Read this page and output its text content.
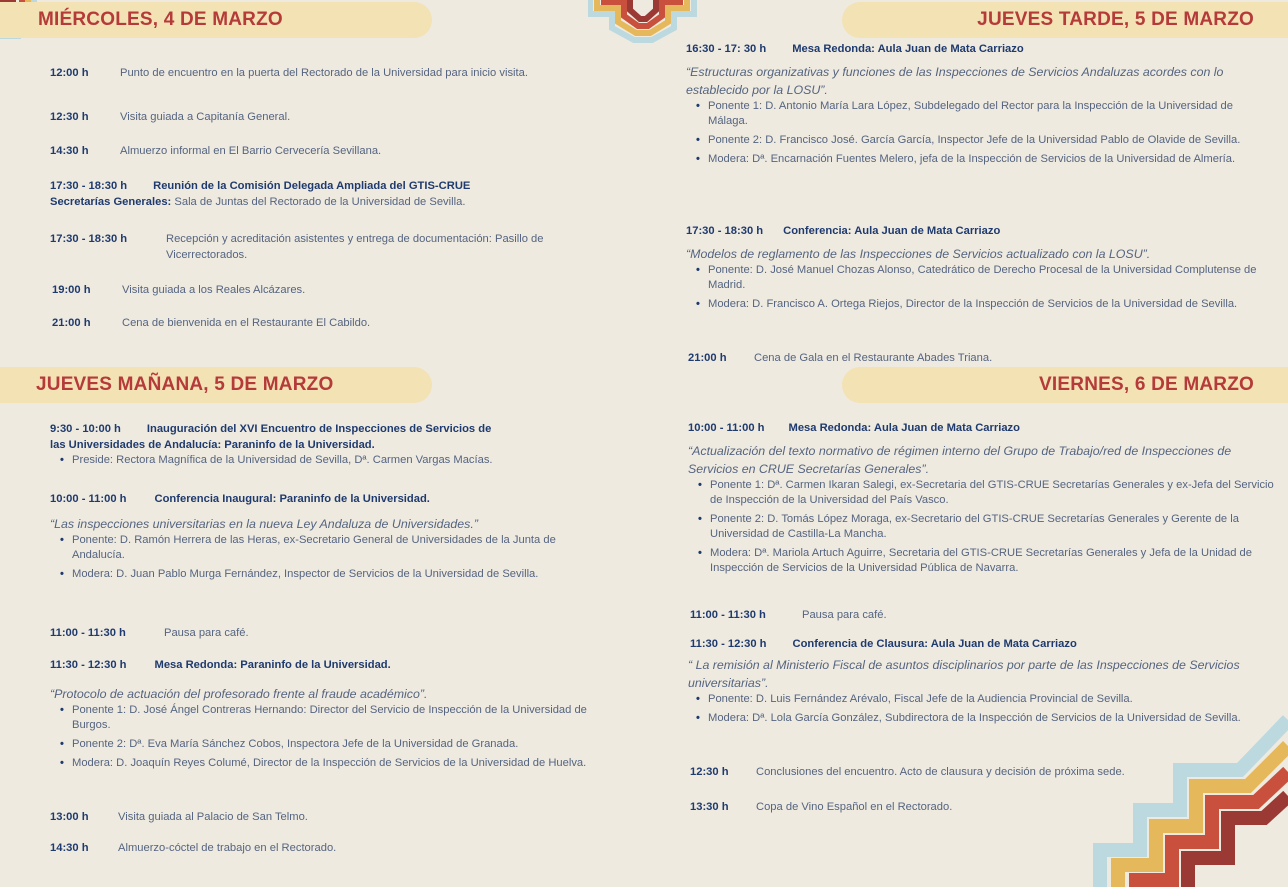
MIÉRCOLES, 4 DE MARZO
12:00 h	Punto de encuentro en la puerta del Rectorado de la Universidad para inicio visita.
12:30 h	Visita guiada a Capitanía General.
14:30 h	Almuerzo informal en El Barrio Cervecería Sevillana.
17:30 - 18:30 h Reunión de la Comisión Delegada Ampliada del GTIS-CRUE
Secretarías Generales: Sala de Juntas del Rectorado de la Universidad de Sevilla.
17:30 - 18:30 h	Recepción y acreditación asistentes y entrega de documentación: Pasillo de Vicerrectorados.
19:00 h	Visita guiada a los Reales Alcázares.
21:00 h	Cena de bienvenida en el Restaurante El Cabildo.
JUEVES MAÑANA, 5 DE MARZO
9:30 - 10:00 h Inauguración del XVI Encuentro de Inspecciones de Servicios de
las Universidades de Andalucía: Paraninfo de la Universidad.
• Preside: Rectora Magnífica de la Universidad de Sevilla, Dª. Carmen Vargas Macías.
10:00 - 11:00 h	Conferencia Inaugural: Paraninfo de la Universidad.
“Las inspecciones universitarias en la nueva Ley Andaluza de Universidades.”
• Ponente: D. Ramón Herrera de las Heras, ex-Secretario General de Universidades de la Junta de Andalucía.
• Modera: D. Juan Pablo Murga Fernández, Inspector de Servicios de la Universidad de Sevilla.
11:00 - 11:30 h	Pausa para café.
11:30 - 12:30 h	Mesa Redonda: Paraninfo de la Universidad.
“Protocolo de actuación del profesorado frente al fraude académico”.
• Ponente 1: D. José Ángel Contreras Hernando: Director del Servicio de Inspección de la Universidad de Burgos.
• Ponente 2: Dª. Eva María Sánchez Cobos, Inspectora Jefe de la Universidad de Granada.
• Modera: D. Joaquín Reyes Columé, Director de la Inspección de Servicios de la Universidad de Huelva.
13:00 h	Visita guiada al Palacio de San Telmo.
14:30 h	Almuerzo-cóctel de trabajo en el Rectorado.
JUEVES TARDE, 5 DE MARZO
16:30 - 17: 30 h Mesa Redonda: Aula Juan de Mata Carriazo
“Estructuras organizativas y funciones de las Inspecciones de Servicios Andaluzas acordes con lo establecido por la LOSU”.
• Ponente 1: D. Antonio María Lara López, Subdelegado del Rector para la Inspección de la Universidad de Málaga.
• Ponente 2: D. Francisco José. García García, Inspector Jefe de la Universidad Pablo de Olavide de Sevilla.
• Modera: Dª. Encarnación Fuentes Melero, jefa de la Inspección de Servicios de la Universidad de Almería.
17:30 - 18:30 h Conferencia: Aula Juan de Mata Carriazo
“Modelos de reglamento de las Inspecciones de Servicios actualizado con la LOSU”.
• Ponente: D. José Manuel Chozas Alonso, Catedrático de Derecho Procesal de la Universidad Complutense de Madrid.
• Modera: D. Francisco A. Ortega Riejos, Director de la Inspección de Servicios de la Universidad de Sevilla.
21:00 h Cena de Gala en el Restaurante Abades Triana.
VIERNES, 6 DE MARZO
10:00 - 11:00 h Mesa Redonda: Aula Juan de Mata Carriazo
“Actualización del texto normativo de régimen interno del Grupo de Trabajo/red de Inspecciones de Servicios en CRUE Secretarías Generales”.
• Ponente 1: Dª. Carmen Ikaran Salegi, ex-Secretaria del GTIS-CRUE Secretarías Generales y ex-Jefa del Servicio de Inspección de la Universidad del País Vasco.
• Ponente 2: D. Tomás López Moraga, ex-Secretario del GTIS-CRUE Secretarías Generales y Gerente de la Universidad de Castilla-La Mancha.
• Modera: Dª. Mariola Artuch Aguirre, Secretaria del GTIS-CRUE Secretarías Generales y Jefa de la Unidad de Inspección de Servicios de la Universidad Pública de Navarra.
11:00 - 11:30 h	Pausa para café.
11:30 - 12:30 h Conferencia de Clausura: Aula Juan de Mata Carriazo
“ La remisión al Ministerio Fiscal de asuntos disciplinarios por parte de las Inspecciones de Servicios universitarias”.
• Ponente: D. Luis Fernández Arévalo, Fiscal Jefe de la Audiencia Provincial de Sevilla.
• Modera: Dª. Lola García González, Subdirectora de la Inspección de Servicios de la Universidad de Sevilla.
12:30 h Conclusiones del encuentro. Acto de clausura y decisión de próxima sede.
13:30 h Copa de Vino Español en el Rectorado.
